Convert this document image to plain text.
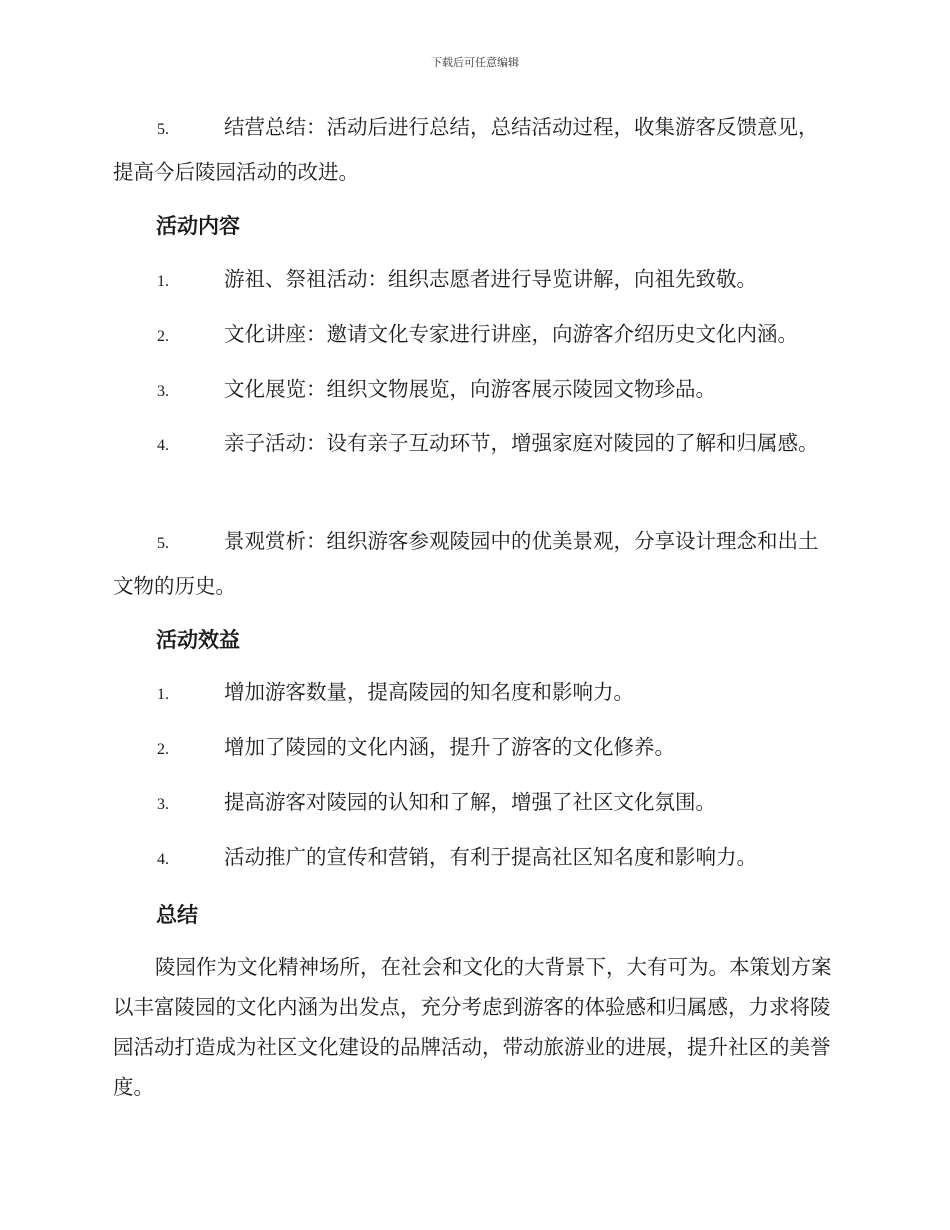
下载后可任意编辑
5.	结营总结：活动后进行总结，总结活动过程，收集游客反馈意见，提高今后陵园活动的改进。
活动内容
1.	游祖、祭祖活动：组织志愿者进行导览讲解，向祖先致敬。
2.	文化讲座：邀请文化专家进行讲座，向游客介绍历史文化内涵。
3.	文化展览：组织文物展览，向游客展示陵园文物珍品。
4.	亲子活动：设有亲子互动环节，增强家庭对陵园的了解和归属感。
5.	景观赏析：组织游客参观陵园中的优美景观，分享设计理念和出土文物的历史。
活动效益
1.	增加游客数量，提高陵园的知名度和影响力。
2.	增加了陵园的文化内涵，提升了游客的文化修养。
3.	提高游客对陵园的认知和了解，增强了社区文化氛围。
4.	活动推广的宣传和营销，有利于提高社区知名度和影响力。
总结
陵园作为文化精神场所，在社会和文化的大背景下，大有可为。本策划方案以丰富陵园的文化内涵为出发点，充分考虑到游客的体验感和归属感，力求将陵园活动打造成为社区文化建设的品牌活动，带动旅游业的进展，提升社区的美誉度。
